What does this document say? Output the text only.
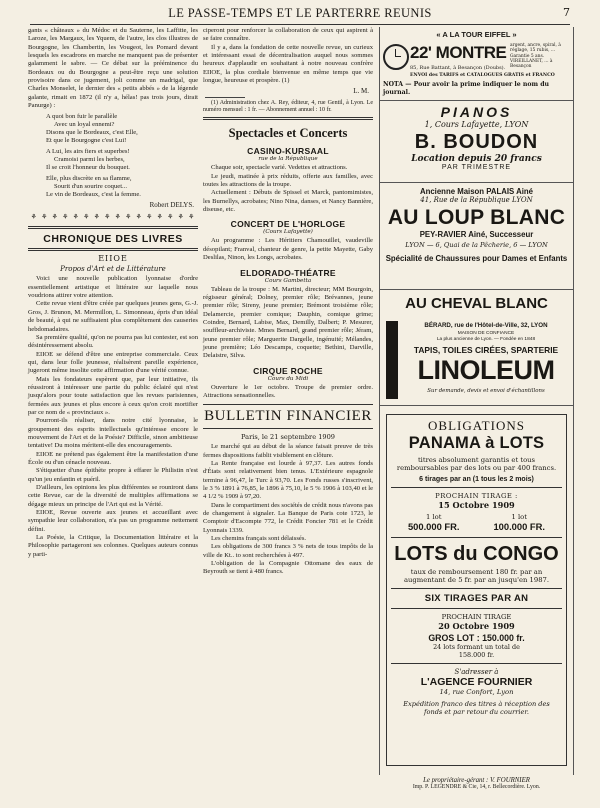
LE PASSE-TEMPS ET LE PARTERRE REUNIS	7

gants « châteaux » du Médoc et du Sauterne, les Laffitte, les Laroze, les Margaux, les Yquem, de l'autre, les clos illustres de Bourgogne, les Chambertin, les Vougeot, les Pomard devant lesquels les escadrons en marche ne manquent pas de présenter galamment le sabre. — Ce débat sur la prééminence du Bordeaux ou du Bourgogne a peut-être reçu une solution provisoire dans ce jugement, joli comme un madrigal, que Charles Monselet, le dernier des « petits abbés » de la légende galante, rimait en 1872 (il n'y a, hélas! pas trois jours, dirait Panurge) :

A quoi bon fuir le parallèle
Avec un loyal ennemi?
Disons que le Bordeaux, c'est Elle,
Et que le Bourgogne c'est Lui!
A Lui, les airs fiers et superbes!
Cramoisi parmi les herbes,
Il se croit l'honneur du bouquet.
Elle, plus discrète en sa flamme,
Sourit d'un sourire coquet...
Le vin de Bordeaux, c'est la femme.
Robert DELYS.
⚘ ⚘ ⚘ ⚘ ⚘ ⚘ ⚘ ⚘ ⚘ ⚘ ⚘ ⚘ ⚘ ⚘ ⚘ ⚘
CHRONIQUE DES LIVRES
EIIOE
Propos d'Art et de Littérature

Voici une nouvelle publication lyonnaise d'ordre essentiellement artistique et littéraire sur laquelle nous voudrions attirer votre attention.

Cette revue vient d'être créée par quelques jeunes gens, G.-J. Gros, J. Brunon, M. Mermillon, L. Simonneau, épris d'un idéal de beauté, à qui ne suffisaient plus complètement des causeries hebdomadaires.

Sa première qualité, qu'on ne pourra pas lui contester, est son désintéressement absolu.

EIIOE se défend d'être une entreprise commerciale. Ceux qui, dans leur folle jeunesse, réalisèrent pareille expérience, jugeront même insolite cette affirmation d'une vérité connue.

Mais les fondateurs espèrent que, par leur initiative, ils réussiront à intéresser une partie du public éclairé qui n'est jusqu'alors pour toute satisfaction que les revues parisiennes, fermées aux jeunes et plus encore à ceux qu'on croit mortifier par ce nom de « provinciaux ».

Pourront-ils réaliser, dans notre cité lyonnaise, le groupement des esprits intellectuels qu'intéresse encore le mouvement de l'Art et de la Poésie? Difficile, sinon ambitieuse tentative! Du moins méritent-elle des encouragements.

EIIOE ne prétend pas également être la manifestation d'une École ou d'un cénacle nouveau.

S'étiquetter d'une épithète propre à effarer le Philistin n'est qu'un jeu enfantin et puéril.

D'ailleurs, les opinions les plus différentes se rouniront dans cette Revue, car de la diversité de multiples affirmations se dégage mieux un principe de l'Art qui est la Vérité.

EIIOE, Revue ouverte aux jeunes et accueillant avec sympathie leur collaboration, n'a pas un programme nettement défini.

La Poésie, la Critique, la Documentation littéraire et la Philosophie partageront ses colonnes. Quelques auteurs connus y parti-

ciperont pour renforcer la collaboration de ceux qui aspirent à se faire connaître.

Il y a, dans la fondation de cette nouvelle revue, un curieux et intéressant essai de décentralisation auquel nous sommes heureux d'applaudir en souhaitant à notre nouveau confrère EIIOE, la plus cordiale bienvenue en même temps que vie longue, heureuse et prospère. (1)

L. M.

(1) Administration chez A. Rey, éditeur, 4, rue Gentil, à Lyon. Le numéro mensuel : 1 fr. — Abonnement annuel : 10 fr.

Spectacles et Concerts
CASINO-KURSAAL
rue de la République

Chaque soir, spectacle varié. Vedettes et attractions.

Le jeudi, matinée à prix réduits, offerte aux familles, avec toutes les attractions de la troupe.

Actuellement : Débuts de Spissel et Marck, pantomimistes, les Burnellys, acrobates; Nino Nina, danses, et Nancy Bannière, diseuse, etc.

CONCERT DE L'HORLOGE
(Cours Lafayette)

Au programme : Les Héritiers Chamouillet, vaudeville désopilant; Franval, chanteur de genre, la petite Mayette, Gaby Deslilas, Ninon, les Longs, acrobates.

ELDORADO-THÉATRE
Cours Gambetta

Tableau de la troupe : M. Martini, directeur; MM Bourgoin, régisseur général; Dolney, premier rôle; Brévannes, jeune premier rôle; Sireny, jeune premier; Brémont troisième rôle; Delamercie, premier comique; Dauphin, comique grime; Coindre, Bernard, Labise, Max, Demilly, Dalbert; P. Mesurer, souffleur-archiviste. Mmes Bernard, grand premier rôle; Jéram, jeune premier rôle; Marguerite Dargelle, ingénuité; Mélandes, jeune première; Léo Descamps, coquette; Bethini, Darville, Delaistre, Silva.

CIRQUE ROCHE
Cours du Midi

Ouverture le 1er octobre. Troupe de premier ordre. Attractions sensationnelles.

BULLETIN FINANCIER
Paris, le 21 septembre 1909

Le marché qui au début de la séance faisait preuve de très fermes dispositions faiblit visiblement en clôture.

La Rente française est lourde à 97,37. Les autres fonds d'États sont relativement bien tenus. L'Extérieure espagnole termine à 96,47, le Turc à 93,70. Les Fonds russes s'inscrivent, le 3 % 1891 à 76,85, le 1896 à 75,10, le 5 % 1906 à 103,40 et le 4 1/2 % 1909 à 97,20.

Dans le compartiment des sociétés de crédit nous n'avons pas de changement à signaler. La Banque de Paris cote 1723, le Comptoir d'Escompte 772, le Crédit Foncier 781 et le Crédit Lyonnais 1339.

Les chemins français sont délaissés.

Les obligations de 300 francs 3 % nets de tous impôts de la ville de Kt.. to sont recherchées à 497.

L'obligation de la Compagnie Ottomane des eaux de Beyrouth se tient à 480 francs.

« A LA TOUR EIFFEL »
22' MONTRE argent, ancre, spiral, à réglage, 15 rubis, ... Garantie 5 ans. VIREILLANET, ... à Besançon
85, Rue Battant, à Besançon (Doubs).
ENVOI des TARIFS et CATALOGUES GRATIS et FRANCO
NOTA — Pour avoir la prime indiquer le nom du journal.
PIANOS
1, Cours Lafayette, LYON
B. BOUDON
Location depuis 20 francs
PAR TRIMESTRE
Ancienne Maison PALAIS Ainé
41, Rue de la République LYON
AU LOUP BLANC
PEY-RAVIER Ainé, Successeur
LYON — 6, Quai de la Pêcherie, 6 — LYON
Spécialité de Chaussures pour Dames et Enfants
AU CHEVAL BLANC
BÉRARD, rue de l'Hôtel-de-Ville, 32, LYON
MAISON DE CONFIANCE
La plus ancienne de Lyon. — Fondée en 1848
TAPIS, TOILES CIRÉES, SPARTERIE
LINOLEUM
Sur demande, devis et envoi d'échantillons
OBLIGATIONS
PANAMA à LOTS
titres absolument garantis et tous remboursables par des lots ou par 400 francs.
6 tirages par an (1 tous les 2 mois)
PROCHAIN TIRAGE :
15 Octobre 1909
1 lot	1 lot
500.000 FR.	100.000 FR.
LOTS du CONGO
taux de remboursement 180 fr. par an augmentant de 5 fr. par an jusqu'en 1987.
SIX TIRAGES PAR AN
PROCHAIN TIRAGE
20 Octobre 1909
GROS LOT : 150.000 fr.
24 lots formant un total de 158.000 fr.
S'adresser à
L'AGENCE FOURNIER
14, rue Confort, Lyon
Expédition franco des titres à réception des fonds et par retour du courrier.
Le propriétaire-gérant : V. FOURNIER
Imp. P. LEGENDRE & Cie, 14, r. Bellecordière. Lyon.
